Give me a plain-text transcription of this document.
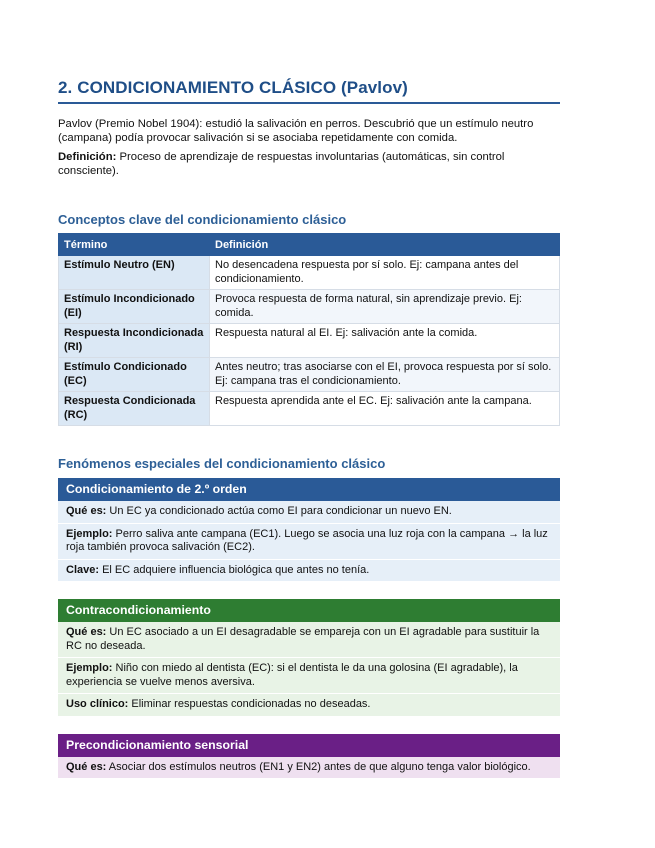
2. CONDICIONAMIENTO CLÁSICO (Pavlov)

Pavlov (Premio Nobel 1904): estudió la salivación en perros. Descubrió que un estímulo neutro (campana) podía provocar salivación si se asociaba repetidamente con comida.

Definición: Proceso de aprendizaje de respuestas involuntarias (automáticas, sin control consciente).

Conceptos clave del condicionamiento clásico
Término	Definición
Estímulo Neutro (EN)	No desencadena respuesta por sí solo. Ej: campana antes del condicionamiento.
Estímulo Incondicionado (EI)	Provoca respuesta de forma natural, sin aprendizaje previo. Ej: comida.
Respuesta Incondicionada (RI)	Respuesta natural al EI. Ej: salivación ante la comida.
Estímulo Condicionado (EC)	Antes neutro; tras asociarse con el EI, provoca respuesta por sí solo. Ej: campana tras el condicionamiento.
Respuesta Condicionada (RC)	Respuesta aprendida ante el EC. Ej: salivación ante la campana.
Fenómenos especiales del condicionamiento clásico
Condicionamiento de 2.º orden
Qué es: Un EC ya condicionado actúa como EI para condicionar un nuevo EN.
Ejemplo: Perro saliva ante campana (EC1). Luego se asocia una luz roja con la campana → la luz roja también provoca salivación (EC2).
Clave: El EC adquiere influencia biológica que antes no tenía.
Contracondicionamiento
Qué es: Un EC asociado a un EI desagradable se empareja con un EI agradable para sustituir la RC no deseada.
Ejemplo: Niño con miedo al dentista (EC): si el dentista le da una golosina (EI agradable), la experiencia se vuelve menos aversiva.
Uso clínico: Eliminar respuestas condicionadas no deseadas.
Precondicionamiento sensorial
Qué es: Asociar dos estímulos neutros (EN1 y EN2) antes de que alguno tenga valor biológico.
